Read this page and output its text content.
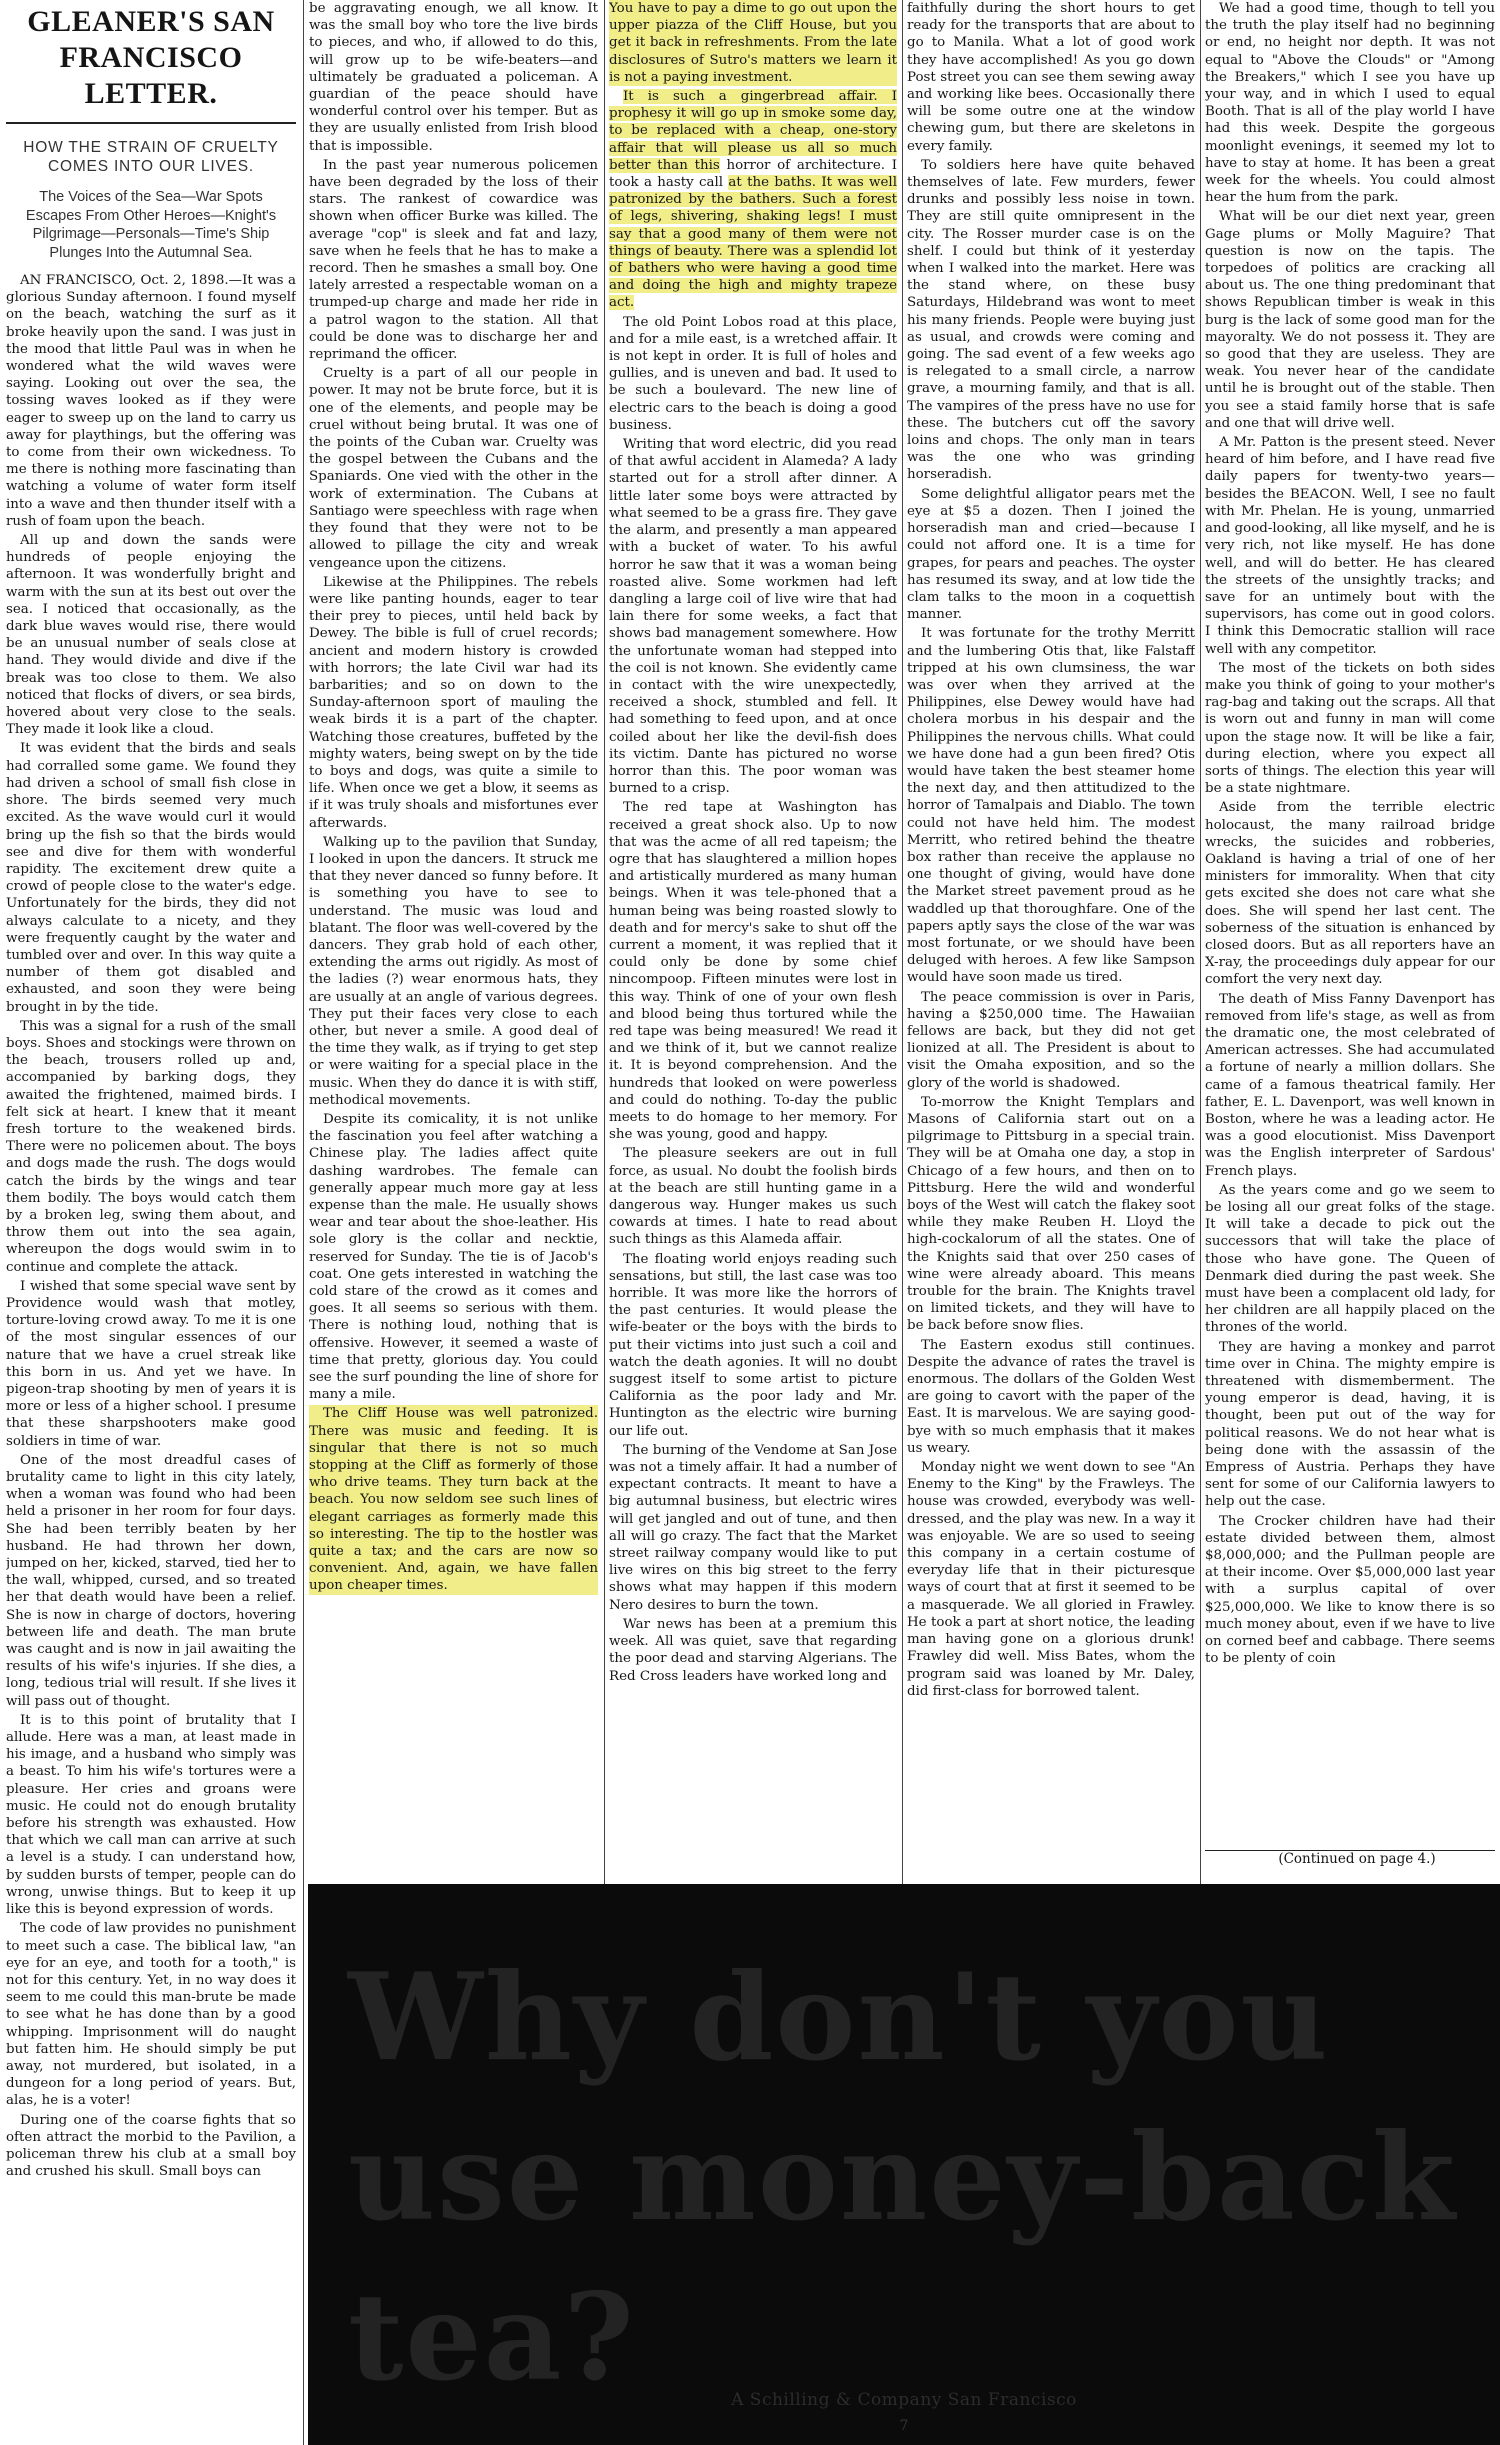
GLEANER'S SAN FRANCISCO LETTER.
HOW THE STRAIN OF CRUELTY COMES INTO OUR LIVES.
The Voices of the Sea—War Spots Escapes From Other Heroes—Knight's Pilgrimage—Personals—Time's Ship Plunges Into the Autumnal Sea.

AN FRANCISCO, Oct. 2, 1898.—It was a glorious Sunday afternoon. I found myself on the beach, watching the surf as it broke heavily upon the sand. I was just in the mood that little Paul was in when he wondered what the wild waves were saying. Looking out over the sea, the tossing waves looked as if they were eager to sweep up on the land to carry us away for playthings, but the offering was to come from their own wickedness. To me there is nothing more fascinating than watching a volume of water form itself into a wave and then thunder itself with a rush of foam upon the beach.

All up and down the sands were hundreds of people enjoying the afternoon. It was wonderfully bright and warm with the sun at its best out over the sea. I noticed that occasionally, as the dark blue waves would rise, there would be an unusual number of seals close at hand. They would divide and dive if the break was too close to them. We also noticed that flocks of divers, or sea birds, hovered about very close to the seals. They made it look like a cloud.

It was evident that the birds and seals had corralled some game. We found they had driven a school of small fish close in shore. The birds seemed very much excited. As the wave would curl it would bring up the fish so that the birds would see and dive for them with wonderful rapidity. The excitement drew quite a crowd of people close to the water's edge. Unfortunately for the birds, they did not always calculate to a nicety, and they were frequently caught by the water and tumbled over and over. In this way quite a number of them got disabled and exhausted, and soon they were being brought in by the tide.

This was a signal for a rush of the small boys. Shoes and stockings were thrown on the beach, trousers rolled up and, accompanied by barking dogs, they awaited the frightened, maimed birds. I felt sick at heart. I knew that it meant fresh torture to the weakened birds. There were no policemen about. The boys and dogs made the rush. The dogs would catch the birds by the wings and tear them bodily. The boys would catch them by a broken leg, swing them about, and throw them out into the sea again, whereupon the dogs would swim in to continue and complete the attack.

I wished that some special wave sent by Providence would wash that motley, torture-loving crowd away. To me it is one of the most singular essences of our nature that we have a cruel streak like this born in us. And yet we have. In pigeon-trap shooting by men of years it is more or less of a higher school. I presume that these sharpshooters make good soldiers in time of war.

One of the most dreadful cases of brutality came to light in this city lately, when a woman was found who had been held a prisoner in her room for four days. She had been terribly beaten by her husband. He had thrown her down, jumped on her, kicked, starved, tied her to the wall, whipped, cursed, and so treated her that death would have been a relief. She is now in charge of doctors, hovering between life and death. The man brute was caught and is now in jail awaiting the results of his wife's injuries. If she dies, a long, tedious trial will result. If she lives it will pass out of thought.

It is to this point of brutality that I allude. Here was a man, at least made in his image, and a husband who simply was a beast. To him his wife's tortures were a pleasure. Her cries and groans were music. He could not do enough brutality before his strength was exhausted. How that which we call man can arrive at such a level is a study. I can understand how, by sudden bursts of temper, people can do wrong, unwise things. But to keep it up like this is beyond expression of words.

The code of law provides no punishment to meet such a case. The biblical law, "an eye for an eye, and tooth for a tooth," is not for this century. Yet, in no way does it seem to me could this man-brute be made to see what he has done than by a good whipping. Imprisonment will do naught but fatten him. He should simply be put away, not murdered, but isolated, in a dungeon for a long period of years. But, alas, he is a voter!

During one of the coarse fights that so often attract the morbid to the Pavilion, a policeman threw his club at a small boy and crushed his skull. Small boys can

be aggravating enough, we all know. It was the small boy who tore the live birds to pieces, and who, if allowed to do this, will grow up to be wife-beaters—and ultimately be graduated a policeman. A guardian of the peace should have wonderful control over his temper. But as they are usually enlisted from Irish blood that is impossible.

In the past year numerous policemen have been degraded by the loss of their stars. The rankest of cowardice was shown when officer Burke was killed. The average "cop" is sleek and fat and lazy, save when he feels that he has to make a record. Then he smashes a small boy. One lately arrested a respectable woman on a trumped-up charge and made her ride in a patrol wagon to the station. All that could be done was to discharge her and reprimand the officer.

Cruelty is a part of all our people in power. It may not be brute force, but it is one of the elements, and people may be cruel without being brutal. It was one of the points of the Cuban war. Cruelty was the gospel between the Cubans and the Spaniards. One vied with the other in the work of extermination. The Cubans at Santiago were speechless with rage when they found that they were not to be allowed to pillage the city and wreak vengeance upon the citizens.

Likewise at the Philippines. The rebels were like panting hounds, eager to tear their prey to pieces, until held back by Dewey. The bible is full of cruel records; ancient and modern history is crowded with horrors; the late Civil war had its barbarities; and so on down to the Sunday-afternoon sport of mauling the weak birds it is a part of the chapter. Watching those creatures, buffeted by the mighty waters, being swept on by the tide to boys and dogs, was quite a simile to life. When once we get a blow, it seems as if it was truly shoals and misfortunes ever afterwards.

Walking up to the pavilion that Sunday, I looked in upon the dancers. It struck me that they never danced so funny before. It is something you have to see to understand. The music was loud and blatant. The floor was well-covered by the dancers. They grab hold of each other, extending the arms out rigidly. As most of the ladies (?) wear enormous hats, they are usually at an angle of various degrees. They put their faces very close to each other, but never a smile. A good deal of the time they walk, as if trying to get step or were waiting for a special place in the music. When they do dance it is with stiff, methodical movements.

Despite its comicality, it is not unlike the fascination you feel after watching a Chinese play. The ladies affect quite dashing wardrobes. The female can generally appear much more gay at less expense than the male. He usually shows wear and tear about the shoe-leather. His sole glory is the collar and necktie, reserved for Sunday. The tie is of Jacob's coat. One gets interested in watching the cold stare of the crowd as it comes and goes. It all seems so serious with them. There is nothing loud, nothing that is offensive. However, it seemed a waste of time that pretty, glorious day. You could see the surf pounding the line of shore for many a mile.

The Cliff House was well patronized. There was music and feeding. It is singular that there is not so much stopping at the Cliff as formerly of those who drive teams. They turn back at the beach. You now seldom see such lines of elegant carriages as formerly made this so interesting. The tip to the hostler was quite a tax; and the cars are now so convenient. And, again, we have fallen upon cheaper times.

You have to pay a dime to go out upon the upper piazza of the Cliff House, but you get it back in refreshments. From the late disclosures of Sutro's matters we learn it is not a paying investment.

It is such a gingerbread affair. I prophesy it will go up in smoke some day, to be replaced with a cheap, one-story affair that will please us all so much better than this horror of architecture. I took a hasty call at the baths. It was well patronized by the bathers. Such a forest of legs, shivering, shaking legs! I must say that a good many of them were not things of beauty. There was a splendid lot of bathers who were having a good time and doing the high and mighty trapeze act.

The old Point Lobos road at this place, and for a mile east, is a wretched affair. It is not kept in order. It is full of holes and gullies, and is uneven and bad. It used to be such a boulevard. The new line of electric cars to the beach is doing a good business.

Writing that word electric, did you read of that awful accident in Alameda? A lady started out for a stroll after dinner. A little later some boys were attracted by what seemed to be a grass fire. They gave the alarm, and presently a man appeared with a bucket of water. To his awful horror he saw that it was a woman being roasted alive. Some workmen had left dangling a large coil of live wire that had lain there for some weeks, a fact that shows bad management somewhere. How the unfortunate woman had stepped into the coil is not known. She evidently came in contact with the wire unexpectedly, received a shock, stumbled and fell. It had something to feed upon, and at once coiled about her like the devil-fish does its victim. Dante has pictured no worse horror than this. The poor woman was burned to a crisp.

The red tape at Washington has received a great shock also. Up to now that was the acme of all red tapeism; the ogre that has slaughtered a million hopes and artistically murdered as many human beings. When it was tele-phoned that a human being was being roasted slowly to death and for mercy's sake to shut off the current a moment, it was replied that it could only be done by some chief nincompoop. Fifteen minutes were lost in this way. Think of one of your own flesh and blood being thus tortured while the red tape was being measured! We read it and we think of it, but we cannot realize it. It is beyond comprehension. And the hundreds that looked on were powerless and could do nothing. To-day the public meets to do homage to her memory. For she was young, good and happy.

The pleasure seekers are out in full force, as usual. No doubt the foolish birds at the beach are still hunting game in a dangerous way. Hunger makes us such cowards at times. I hate to read about such things as this Alameda affair.

The floating world enjoys reading such sensations, but still, the last case was too horrible. It was more like the horrors of the past centuries. It would please the wife-beater or the boys with the birds to put their victims into just such a coil and watch the death agonies. It will no doubt suggest itself to some artist to picture California as the poor lady and Mr. Huntington as the electric wire burning our life out.

The burning of the Vendome at San Jose was not a timely affair. It had a number of expectant contracts. It meant to have a big autumnal business, but electric wires will get jangled and out of tune, and then all will go crazy. The fact that the Market street railway company would like to put live wires on this big street to the ferry shows what may happen if this modern Nero desires to burn the town.

War news has been at a premium this week. All was quiet, save that regarding the poor dead and starving Algerians. The Red Cross leaders have worked long and

faithfully during the short hours to get ready for the transports that are about to go to Manila. What a lot of good work they have accomplished! As you go down Post street you can see them sewing away and working like bees. Occasionally there will be some outre one at the window chewing gum, but there are skeletons in every family.

To soldiers here have quite behaved themselves of late. Few murders, fewer drunks and possibly less noise in town. They are still quite omnipresent in the city. The Rosser murder case is on the shelf. I could but think of it yesterday when I walked into the market. Here was the stand where, on these busy Saturdays, Hildebrand was wont to meet his many friends. People were buying just as usual, and crowds were coming and going. The sad event of a few weeks ago is relegated to a small circle, a narrow grave, a mourning family, and that is all. The vampires of the press have no use for these. The butchers cut off the savory loins and chops. The only man in tears was the one who was grinding horseradish.

Some delightful alligator pears met the eye at $5 a dozen. Then I joined the horseradish man and cried—because I could not afford one. It is a time for grapes, for pears and peaches. The oyster has resumed its sway, and at low tide the clam talks to the moon in a coquettish manner.

It was fortunate for the trothy Merritt and the lumbering Otis that, like Falstaff tripped at his own clumsiness, the war was over when they arrived at the Philippines, else Dewey would have had cholera morbus in his despair and the Philippines the nervous chills. What could we have done had a gun been fired? Otis would have taken the best steamer home the next day, and then attitudized to the horror of Tamalpais and Diablo. The town could not have held him. The modest Merritt, who retired behind the theatre box rather than receive the applause no one thought of giving, would have done the Market street pavement proud as he waddled up that thoroughfare. One of the papers aptly says the close of the war was most fortunate, or we should have been deluged with heroes. A few like Sampson would have soon made us tired.

The peace commission is over in Paris, having a $250,000 time. The Hawaiian fellows are back, but they did not get lionized at all. The President is about to visit the Omaha exposition, and so the glory of the world is shadowed.

To-morrow the Knight Templars and Masons of California start out on a pilgrimage to Pittsburg in a special train. They will be at Omaha one day, a stop in Chicago of a few hours, and then on to Pittsburg. Here the wild and wonderful boys of the West will catch the flakey soot while they make Reuben H. Lloyd the high-cockalorum of all the states. One of the Knights said that over 250 cases of wine were already aboard. This means trouble for the brain. The Knights travel on limited tickets, and they will have to be back before snow flies.

The Eastern exodus still continues. Despite the advance of rates the travel is enormous. The dollars of the Golden West are going to cavort with the paper of the East. It is marvelous. We are saying good-bye with so much emphasis that it makes us weary.

Monday night we went down to see "An Enemy to the King" by the Frawleys. The house was crowded, everybody was well-dressed, and the play was new. In a way it was enjoyable. We are so used to seeing this company in a certain costume of everyday life that in their picturesque ways of court that at first it seemed to be a masquerade. We all gloried in Frawley. He took a part at short notice, the leading man having gone on a glorious drunk! Frawley did well. Miss Bates, whom the program said was loaned by Mr. Daley, did first-class for borrowed talent.

We had a good time, though to tell you the truth the play itself had no beginning or end, no height nor depth. It was not equal to "Above the Clouds" or "Among the Breakers," which I see you have up your way, and in which I used to equal Booth. That is all of the play world I have had this week. Despite the gorgeous moonlight evenings, it seemed my lot to have to stay at home. It has been a great week for the wheels. You could almost hear the hum from the park.

What will be our diet next year, green Gage plums or Molly Maguire? That question is now on the tapis. The torpedoes of politics are cracking all about us. The one thing predominant that shows Republican timber is weak in this burg is the lack of some good man for the mayoralty. We do not possess it. They are so good that they are useless. They are weak. You never hear of the candidate until he is brought out of the stable. Then you see a staid family horse that is safe and one that will drive well.

A Mr. Patton is the present steed. Never heard of him before, and I have read five daily papers for twenty-two years—besides the BEACON. Well, I see no fault with Mr. Phelan. He is young, unmarried and good-looking, all like myself, and he is very rich, not like myself. He has done well, and will do better. He has cleared the streets of the unsightly tracks; and save for an untimely bout with the supervisors, has come out in good colors. I think this Democratic stallion will race well with any competitor.

The most of the tickets on both sides make you think of going to your mother's rag-bag and taking out the scraps. All that is worn out and funny in man will come upon the stage now. It will be like a fair, during election, where you expect all sorts of things. The election this year will be a state nightmare.

Aside from the terrible electric holocaust, the many railroad bridge wrecks, the suicides and robberies, Oakland is having a trial of one of her ministers for immorality. When that city gets excited she does not care what she does. She will spend her last cent. The soberness of the situation is enhanced by closed doors. But as all reporters have an X-ray, the proceedings duly appear for our comfort the very next day.

The death of Miss Fanny Davenport has removed from life's stage, as well as from the dramatic one, the most celebrated of American actresses. She had accumulated a fortune of nearly a million dollars. She came of a famous theatrical family. Her father, E. L. Davenport, was well known in Boston, where he was a leading actor. He was a good elocutionist. Miss Davenport was the English interpreter of Sardous' French plays.

As the years come and go we seem to be losing all our great folks of the stage. It will take a decade to pick out the successors that will take the place of those who have gone. The Queen of Denmark died during the past week. She must have been a complacent old lady, for her children are all happily placed on the thrones of the world.

They are having a monkey and parrot time over in China. The mighty empire is threatened with dismemberment. The young emperor is dead, having, it is thought, been put out of the way for political reasons. We do not hear what is being done with the assassin of the Empress of Austria. Perhaps they have sent for some of our California lawyers to help out the case.

The Crocker children have had their estate divided between them, almost $8,000,000; and the Pullman people are at their income. Over $5,000,000 last year with a surplus capital of over $25,000,000. We like to know there is so much money about, even if we have to live on corned beef and cabbage. There seems to be plenty of coin

(Continued on page 4.)

Why don't you use money-back tea?	A Schilling & Company San Francisco
7
